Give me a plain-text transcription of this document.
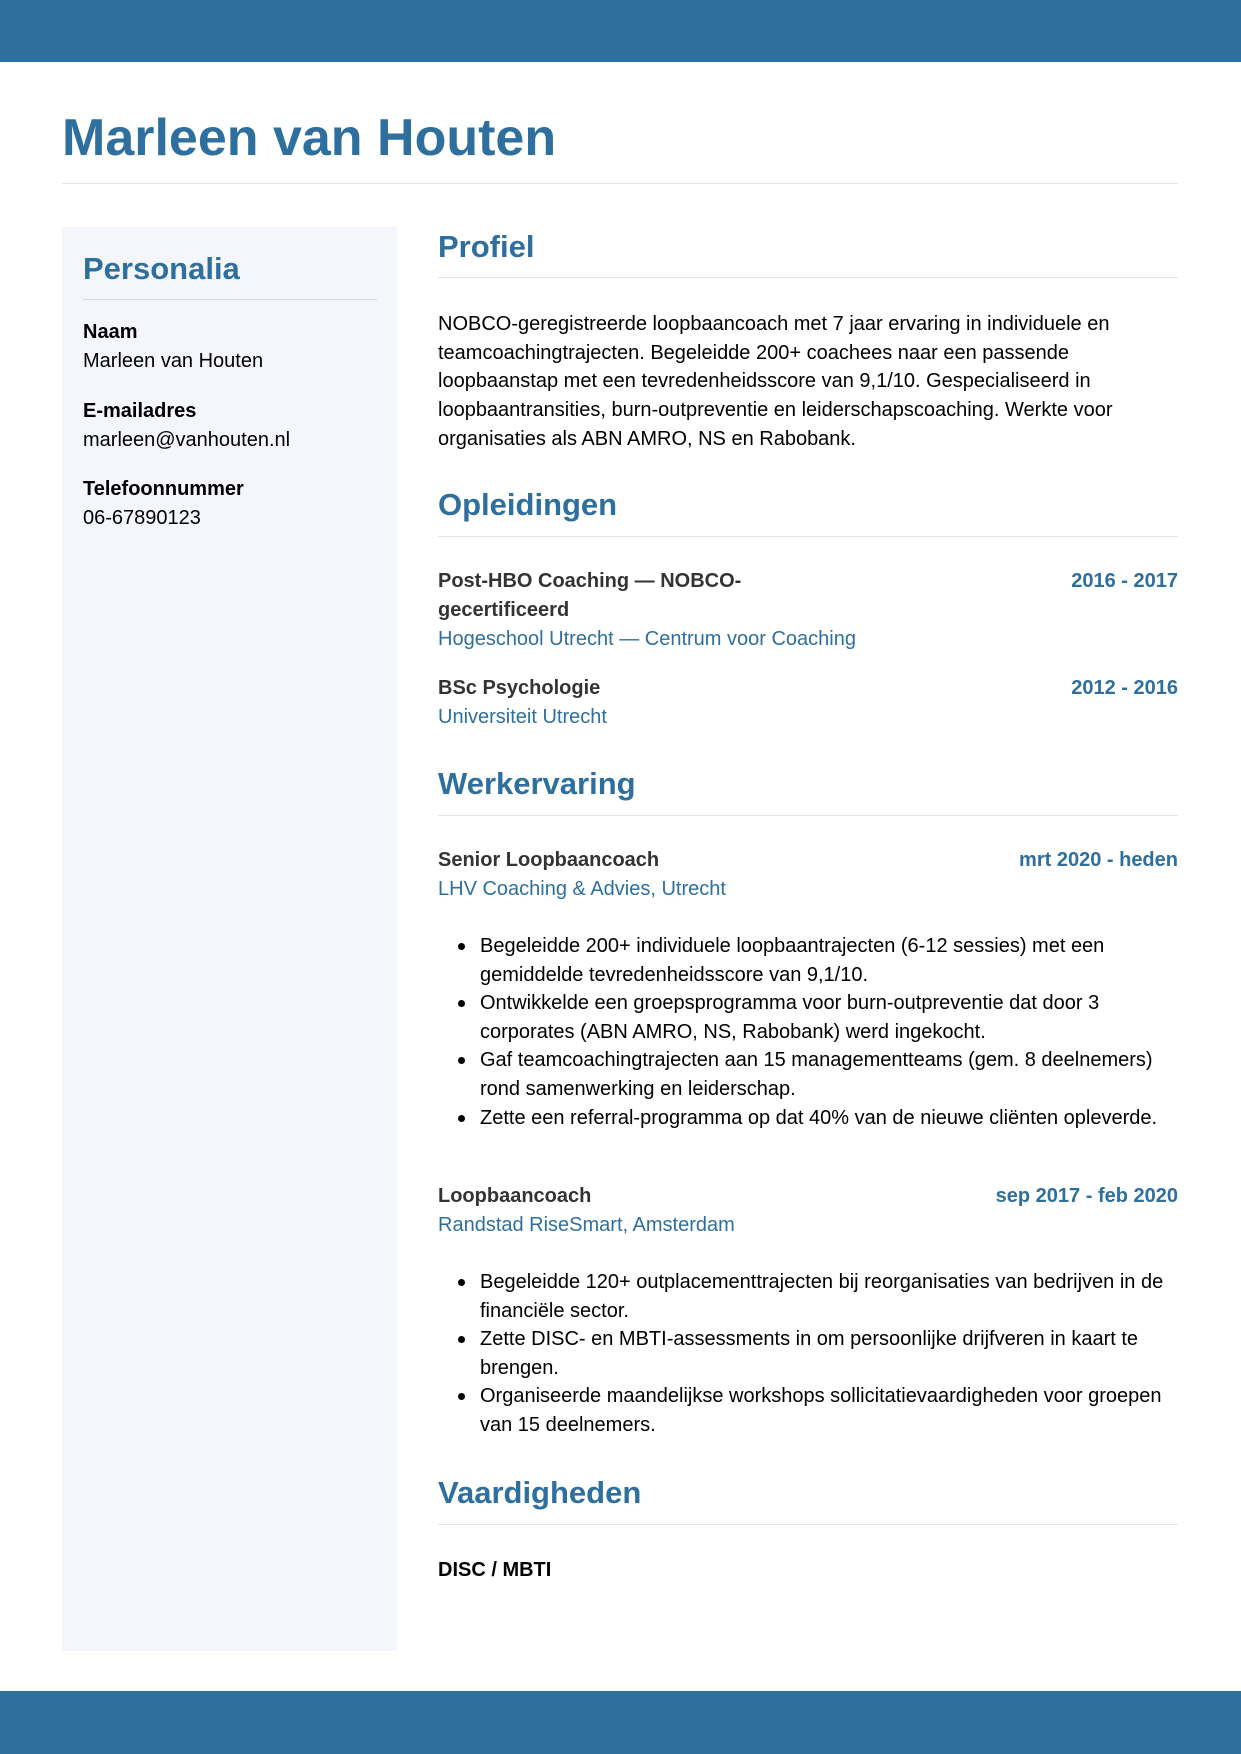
Marleen van Houten
Personalia
Naam
Marleen van Houten
E-mailadres
marleen@vanhouten.nl
Telefoonnummer
06-67890123
Profiel

NOBCO-geregistreerde loopbaancoach met 7 jaar ervaring in individuele en teamcoachingtrajecten. Begeleidde 200+ coachees naar een passende loopbaanstap met een tevredenheidsscore van 9,1/10. Gespecialiseerd in loopbaantransities, burn-outpreventie en leiderschapscoaching. Werkte voor organisaties als ABN AMRO, NS en Rabobank.

Opleidingen
Post-HBO Coaching — NOBCO-gecertificeerd
Hogeschool Utrecht — Centrum voor Coaching
2016 - 2017
BSc Psychologie
Universiteit Utrecht
2012 - 2016
Werkervaring
Senior Loopbaancoach
LHV Coaching & Advies, Utrecht
mrt 2020 - heden
Begeleidde 200+ individuele loopbaantrajecten (6-12 sessies) met een gemiddelde tevredenheidsscore van 9,1/10.
Ontwikkelde een groepsprogramma voor burn-outpreventie dat door 3 corporates (ABN AMRO, NS, Rabobank) werd ingekocht.
Gaf teamcoachingtrajecten aan 15 managementteams (gem. 8 deelnemers) rond samenwerking en leiderschap.
Zette een referral-programma op dat 40% van de nieuwe cliënten opleverde.
Loopbaancoach
Randstad RiseSmart, Amsterdam
sep 2017 - feb 2020
Begeleidde 120+ outplacementtrajecten bij reorganisaties van bedrijven in de financiële sector.
Zette DISC- en MBTI-assessments in om persoonlijke drijfveren in kaart te brengen.
Organiseerde maandelijkse workshops sollicitatievaardigheden voor groepen van 15 deelnemers.
Vaardigheden
DISC / MBTI
